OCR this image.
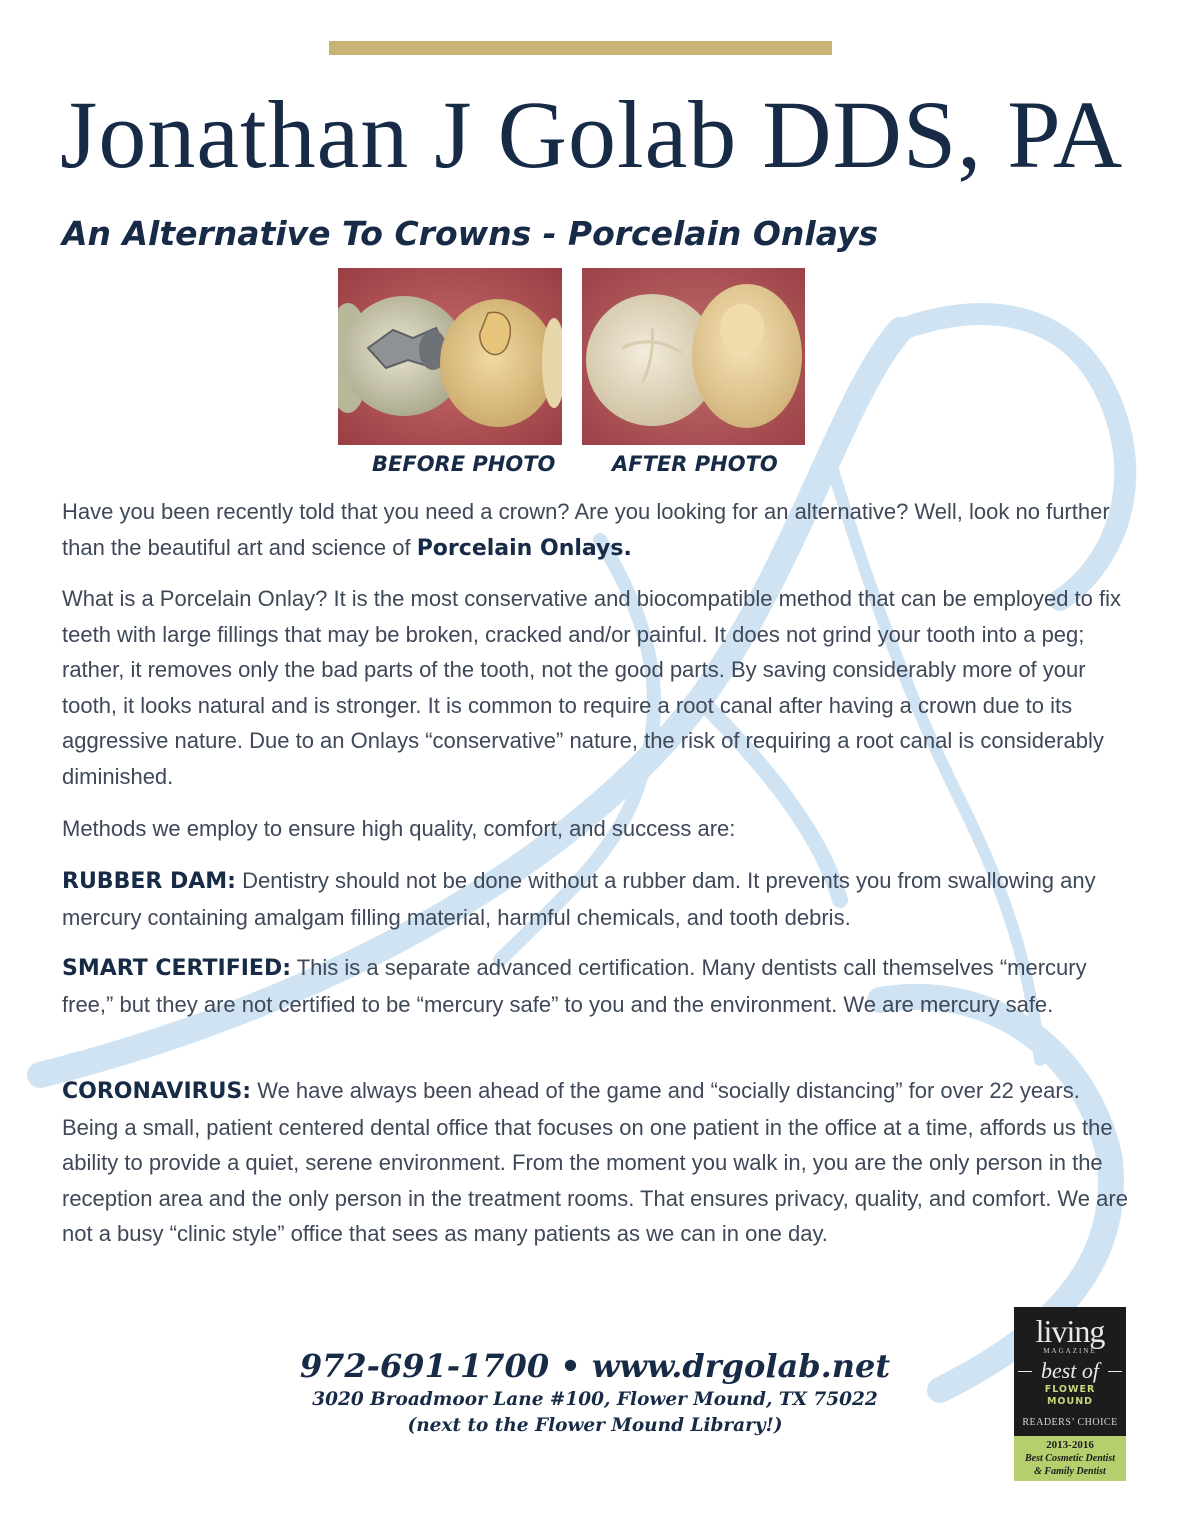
Jonathan J Golab DDS, PA
An Alternative To Crowns - Porcelain Onlays

BEFORE PHOTO	AFTER PHOTO

Have you been recently told that you need a crown? Are you looking for an alternative? Well, look no further than the beautiful art and science of Porcelain Onlays.

What is a Porcelain Onlay? It is the most conservative and biocompatible method that can be employed to fix teeth with large fillings that may be broken, cracked and/or painful. It does not grind your tooth into a peg; rather, it removes only the bad parts of the tooth, not the good parts. By saving considerably more of your tooth, it looks natural and is stronger. It is common to require a root canal after having a crown due to its aggressive nature. Due to an Onlays “conservative” nature, the risk of requiring a root canal is considerably diminished.

Methods we employ to ensure high quality, comfort, and success are:

RUBBER DAM: Dentistry should not be done without a rubber dam. It prevents you from swallowing any mercury containing amalgam filling material, harmful chemicals, and tooth debris.

SMART CERTIFIED: This is a separate advanced certification. Many dentists call themselves “mercury free,” but they are not certified to be “mercury safe” to you and the environment. We are mercury safe.

CORONAVIRUS: We have always been ahead of the game and “socially distancing” for over 22 years. Being a small, patient centered dental office that focuses on one patient in the office at a time, affords us the ability to provide a quiet, serene environment. From the moment you walk in, you are the only person in the reception area and the only person in the treatment rooms. That ensures privacy, quality, and comfort. We are not a busy “clinic style” office that sees as many patients as we can in one day.

972-691-1700 • www.drgolab.net

3020 Broadmoor Lane #100, Flower Mound, TX 75022

(next to the Flower Mound Library!)

living

MAGAZINE

best of

FLOWER

MOUND

READERS’ CHOICE

2013-2016

Best Cosmetic Dentist

& Family Dentist
